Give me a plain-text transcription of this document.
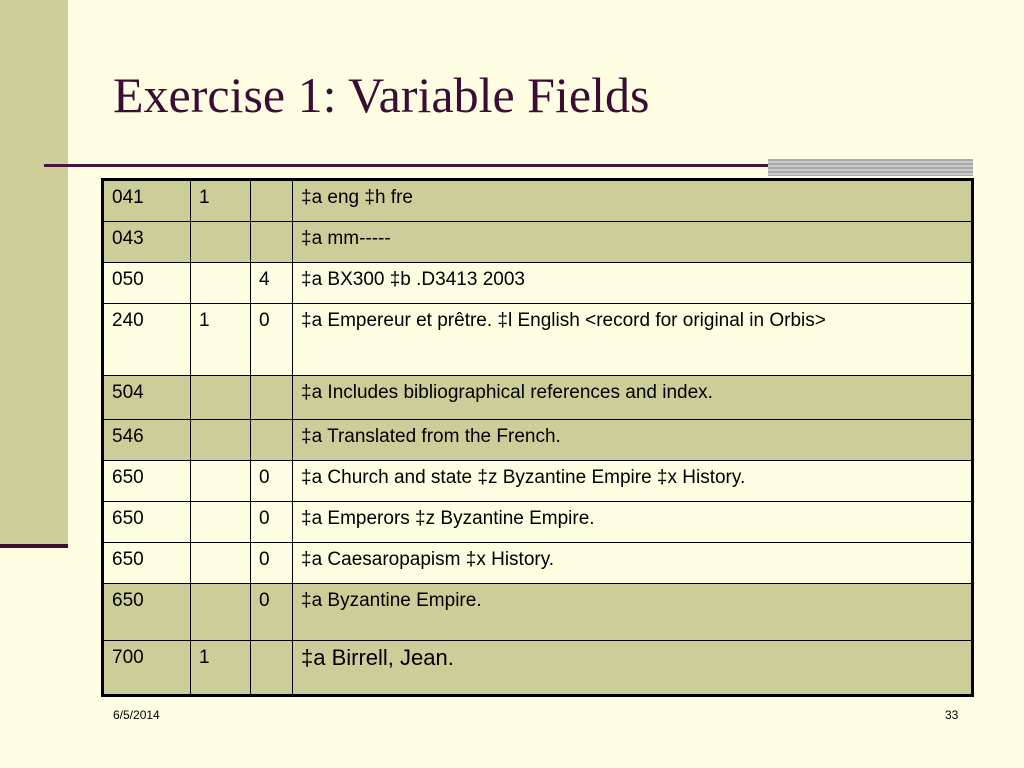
Exercise 1: Variable Fields
041	1		‡a eng ‡h fre
043			‡a mm-----
050		4	‡a BX300 ‡b .D3413 2003
240	1	0	‡a Empereur et prêtre. ‡l English <record for original in Orbis>
504			‡a Includes bibliographical references and index.
546			‡a Translated from the French.
650		0	‡a Church and state ‡z Byzantine Empire ‡x History.
650		0	‡a Emperors ‡z Byzantine Empire.
650		0	‡a Caesaropapism ‡x History.
650		0	‡a Byzantine Empire.
700	1		‡a Birrell, Jean.
6/5/2014	33
